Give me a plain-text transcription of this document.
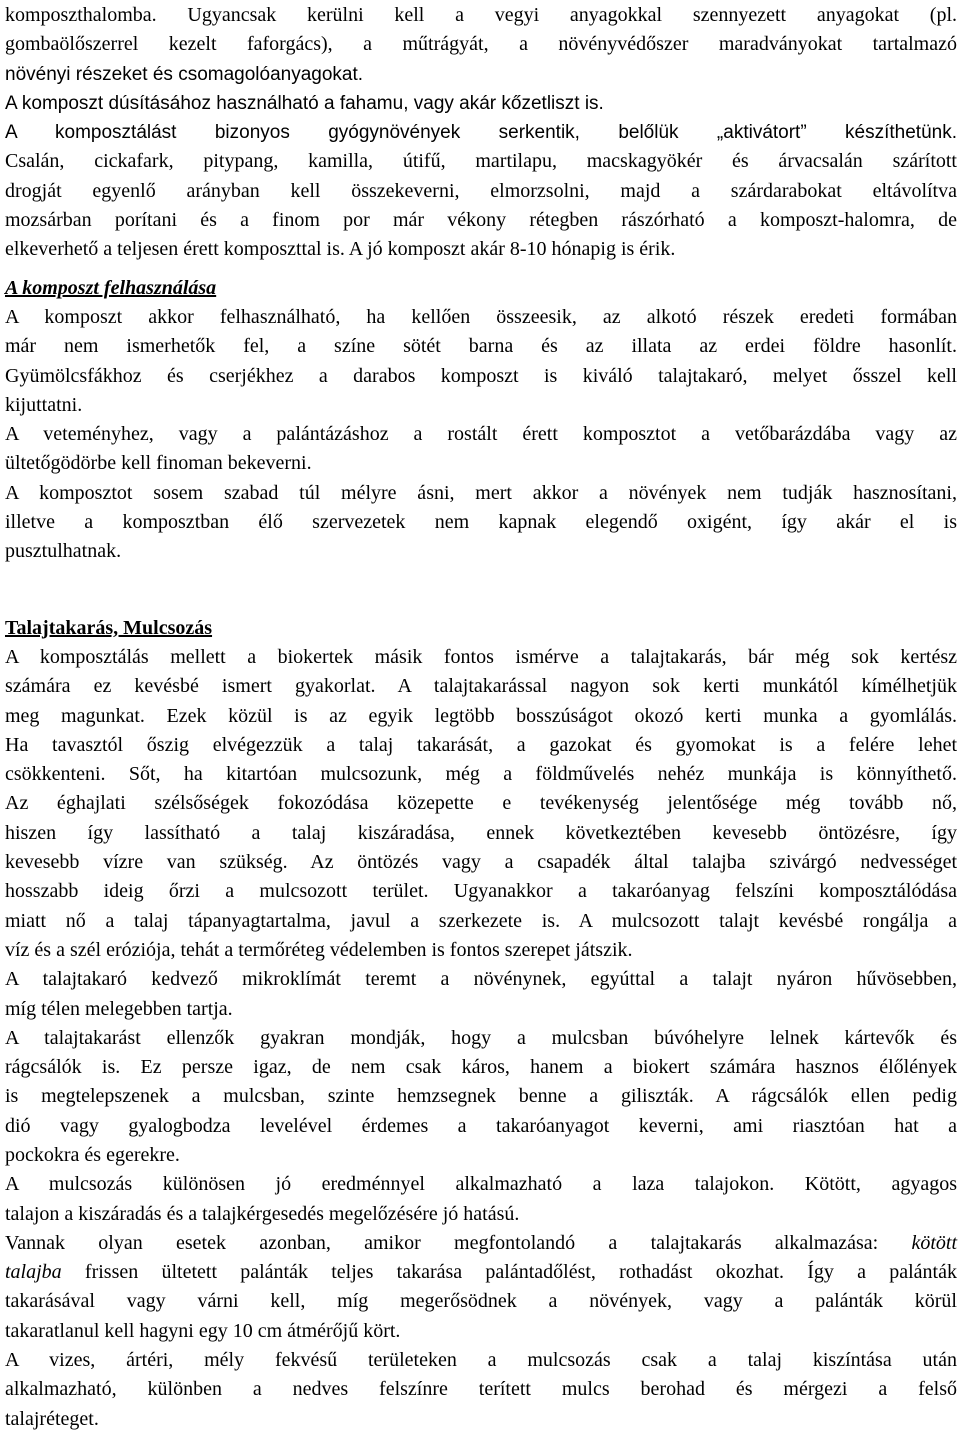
komposzthalomba. Ugyancsak kerülni kell a vegyi anyagokkal szennyezett anyagokat (pl.
gombaölőszerrel kezelt faforgács), a műtrágyát, a növényvédőszer maradványokat tartalmazó
növényi részeket és csomagolóanyagokat.
A komposzt dúsításához használható a fahamu, vagy akár kőzetliszt is.
A komposztálást bizonyos gyógynövények serkentik, belőlük „aktivátort” készíthetünk.
Csalán, cickafark, pitypang, kamilla, útifű, martilapu, macskagyökér és árvacsalán szárított
drogját egyenlő arányban kell összekeverni, elmorzsolni, majd a szárdarabokat eltávolítva
mozsárban porítani és a finom por már vékony rétegben rászórható a komposzt-halomra, de
elkeverhető a teljesen érett komposzttal is. A jó komposzt akár 8-10 hónapig is érik.
A komposzt felhasználása
A komposzt akkor felhasználható, ha kellően összeesik, az alkotó részek eredeti formában
már nem ismerhetők fel, a színe sötét barna és az illata az erdei földre hasonlít.
Gyümölcsfákhoz és cserjékhez a darabos komposzt is kiváló talajtakaró, melyet ősszel kell
kijuttatni.
A veteményhez, vagy a palántázáshoz a rostált érett komposztot a vetőbarázdába vagy az
ültetőgödörbe kell finoman bekeverni.
A komposztot sosem szabad túl mélyre ásni, mert akkor a növények nem tudják hasznosítani,
illetve a komposztban élő szervezetek nem kapnak elegendő oxigént, így akár el is
pusztulhatnak.
Talajtakarás, Mulcsozás
A komposztálás mellett a biokertek másik fontos ismérve a talajtakarás, bár még sok kertész
számára ez kevésbé ismert gyakorlat. A talajtakarással nagyon sok kerti munkától kímélhetjük
meg magunkat. Ezek közül is az egyik legtöbb bosszúságot okozó kerti munka a gyomlálás.
Ha tavasztól őszig elvégezzük a talaj takarását, a gazokat és gyomokat is a felére lehet
csökkenteni. Sőt, ha kitartóan mulcsozunk, még a földművelés nehéz munkája is könnyíthető.
Az éghajlati szélsőségek fokozódása közepette e tevékenység jelentősége még tovább nő,
hiszen így lassítható a talaj kiszáradása, ennek következtében kevesebb öntözésre, így
kevesebb vízre van szükség. Az öntözés vagy a csapadék által talajba szivárgó nedvességet
hosszabb ideig őrzi a mulcsozott terület. Ugyanakkor a takaróanyag felszíni komposztálódása
miatt nő a talaj tápanyagtartalma, javul a szerkezete is. A mulcsozott talajt kevésbé rongálja a
víz és a szél eróziója, tehát a termőréteg védelemben is fontos szerepet játszik.
A talajtakaró kedvező mikroklímát teremt a növénynek, egyúttal a talajt nyáron hűvösebben,
míg télen melegebben tartja.
A talajtakarást ellenzők gyakran mondják, hogy a mulcsban búvóhelyre lelnek kártevők és
rágcsálók is. Ez persze igaz, de nem csak káros, hanem a biokert számára hasznos élőlények
is megtelepszenek a mulcsban, szinte hemzsegnek benne a giliszták. A rágcsálók ellen pedig
dió vagy gyalogbodza levelével érdemes a takaróanyagot keverni, ami riasztóan hat a
pockokra és egerekre.
A mulcsozás különösen jó eredménnyel alkalmazható a laza talajokon. Kötött, agyagos
talajon a kiszáradás és a talajkérgesedés megelőzésére jó hatású.
Vannak olyan esetek azonban, amikor megfontolandó a talajtakarás alkalmazása: kötött
talajba frissen ültetett palánták teljes takarása palántadőlést, rothadást okozhat. Így a palánták
takarásával vagy várni kell, míg megerősödnek a növények, vagy a palánták körül
takaratlanul kell hagyni egy 10 cm átmérőjű kört.
A vizes, ártéri, mély fekvésű területeken a mulcsozás csak a talaj kiszíntása után
alkalmazható, különben a nedves felszínre terített mulcs berohad és mérgezi a felső
talajréteget.
